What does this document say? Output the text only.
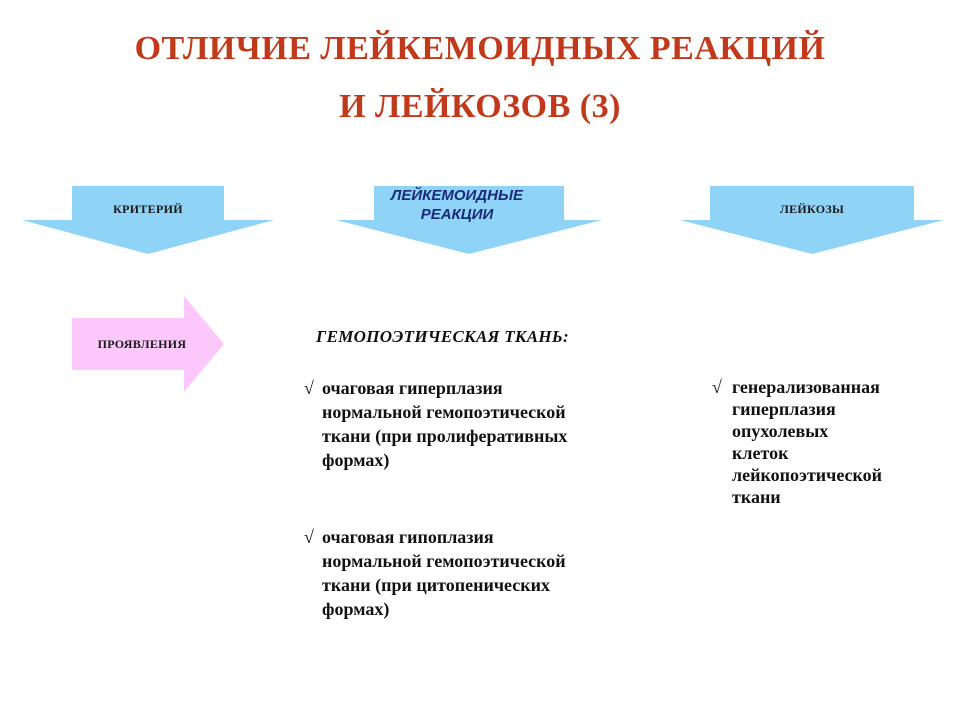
ОТЛИЧИЕ ЛЕЙКЕМОИДНЫХ РЕАКЦИЙ
И ЛЕЙКОЗОВ (3)
КРИТЕРИЙ
ЛЕЙКЕМОИДНЫЕ
РЕАКЦИИ	ЛЕЙКОЗЫ
ПРОЯВЛЕНИЯ	ГЕМОПОЭТИЧЕСКАЯ ТКАНЬ:

√ очаговая гиперплазия
нормальной гемопоэтической
ткани (при пролиферативных
формах)
√ очаговая гипоплазия
нормальной гемопоэтической
ткани (при цитопенических
формах)
√ генерализованная
гиперплазия
опухолевых
клеток
лейкопоэтической
ткани
